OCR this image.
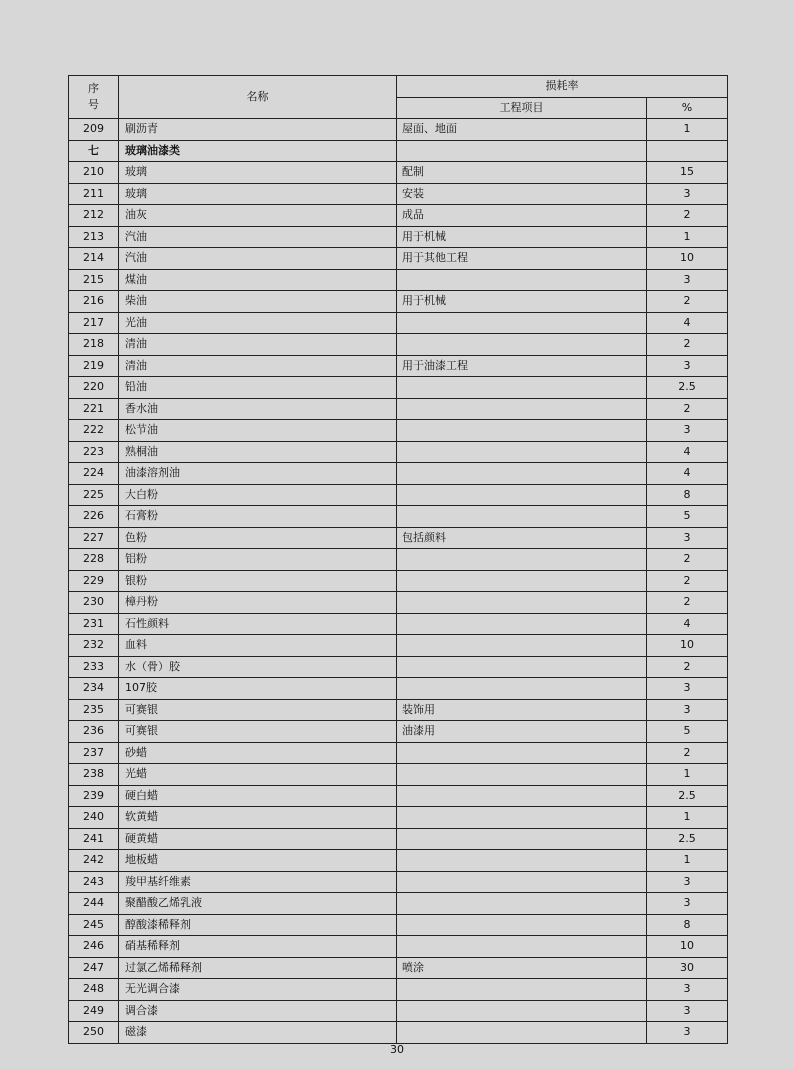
序
号	名称	损耗率	
		工程项目	%
209	刷沥青	屋面、地面	1
七	玻璃油漆类		
210	玻璃	配制	15
211	玻璃	安装	3
212	油灰	成品	2
213	汽油	用于机械	1
214	汽油	用于其他工程	10
215	煤油		3
216	柴油	用于机械	2
217	光油		4
218	清油		2
219	清油	用于油漆工程	3
220	铅油		2.5
221	香水油		2
222	松节油		3
223	熟桐油		4
224	油漆溶剂油		4
225	大白粉		8
226	石膏粉		5
227	色粉	包括颜料	3
228	铝粉		2
229	银粉		2
230	樟丹粉		2
231	石性颜料		4
232	血料		10
233	水（骨）胶		2
234	107胶		3
235	可赛银	装饰用	3
236	可赛银	油漆用	5
237	砂蜡		2
238	光蜡		1
239	硬白蜡		2.5
240	软黄蜡		1
241	硬黄蜡		2.5
242	地板蜡		1
243	羧甲基纤维素		3
244	聚醋酸乙烯乳液		3
245	醇酸漆稀释剂		8
246	硝基稀释剂		10
247	过氯乙烯稀释剂	喷涂	30
248	无光调合漆		3
249	调合漆		3
250	磁漆		3
30
